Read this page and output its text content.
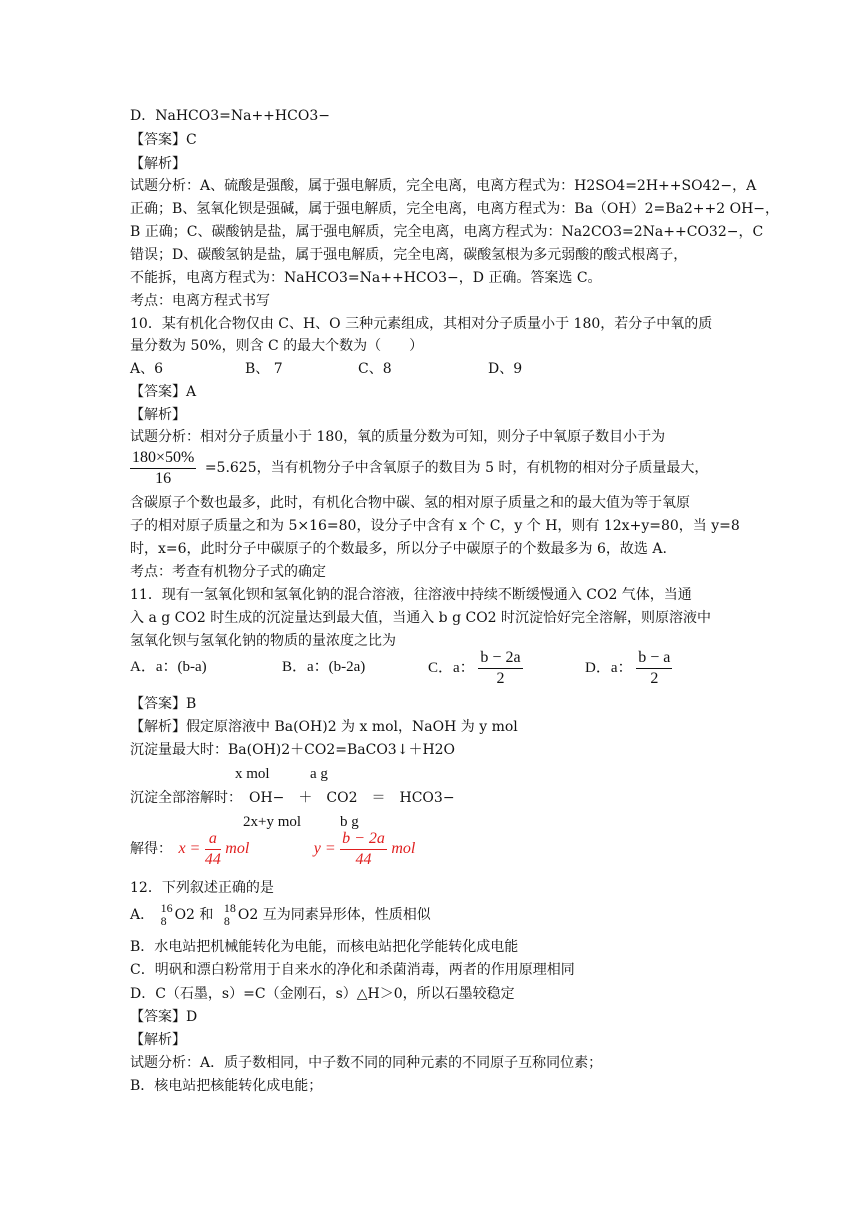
D．NaHCO3=Na++HCO3−
【答案】C
【解析】
试题分析：A、硫酸是强酸，属于强电解质，完全电离，电离方程式为：H2SO4=2H++SO42−，A
正确；B、氢氧化钡是强碱，属于强电解质，完全电离，电离方程式为：Ba（OH）2=Ba2++2 OH−，
B 正确；C、碳酸钠是盐，属于强电解质，完全电离，电离方程式为：Na2CO3=2Na++CO32−，C
错误；D、碳酸氢钠是盐，属于强电解质，完全电离，碳酸氢根为多元弱酸的酸式根离子，
不能拆，电离方程式为：NaHCO3=Na++HCO3−，D 正确。答案选 C。
考点：电离方程式书写
10．某有机化合物仅由 C、H、O 三种元素组成，其相对分子质量小于 180，若分子中氧的质
量分数为 50%，则含 C 的最大个数为（　　）
A、6	B、 7	C、8	D、9
【答案】A
【解析】
试题分析：相对分子质量小于 180，氧的质量分数为可知，则分子中氧原子数目小于为
$\frac{180\times 50\%}{16} =5.625$，当有机物分子中含氧原子的数目为 5 时，有机物的相对分子质量最大，
含碳原子个数也最多，此时，有机化合物中碳、氢的相对原子质量之和的最大值为等于氧原
子的相对原子质量之和为 5×16=80，设分子中含有 x 个 C，y 个 H，则有 12x+y=80，当 y=8
时，x=6，此时分子中碳原子的个数最多，所以分子中碳原子的个数最多为 6，故选 A.
考点：考查有机物分子式的确定
11．现有一氢氧化钡和氢氧化钠的混合溶液，往溶液中持续不断缓慢通入 CO2 气体，当通
入 a g CO2 时生成的沉淀量达到最大值，当通入 b g CO2 时沉淀恰好完全溶解，则原溶液中
氢氧化钡与氢氧化钠的物质的量浓度之比为
A．a：(b-a)	B．a：(b-2a)	C．a： $\frac{b - 2a}{2}$	D．a： $\frac{b - a}{2}$
【答案】B
【解析】假定原溶液中 Ba(OH)2 为 x mol，NaOH 为 y mol
沉淀量最大时：Ba(OH)2＋CO2=BaCO3↓＋H2O
x mol	a g
沉淀全部溶解时：　OH−　＋　CO2　＝　HCO3−
2x+y mol	b g
解得： $x = \frac{a}{44}$ mol	$y = \frac{b - 2a}{44}$ mol
12．下列叙述正确的是
A． 16
8 O2 和 18
8 O2 互为同素异形体，性质相似
B．水电站把机械能转化为电能，而核电站把化学能转化成电能
C．明矾和漂白粉常用于自来水的净化和杀菌消毒，两者的作用原理相同
D．C（石墨，s）=C（金刚石，s）△H＞0，所以石墨较稳定
【答案】D
【解析】
试题分析：A．质子数相同，中子数不同的同种元素的不同原子互称同位素；
B．核电站把核能转化成电能；
